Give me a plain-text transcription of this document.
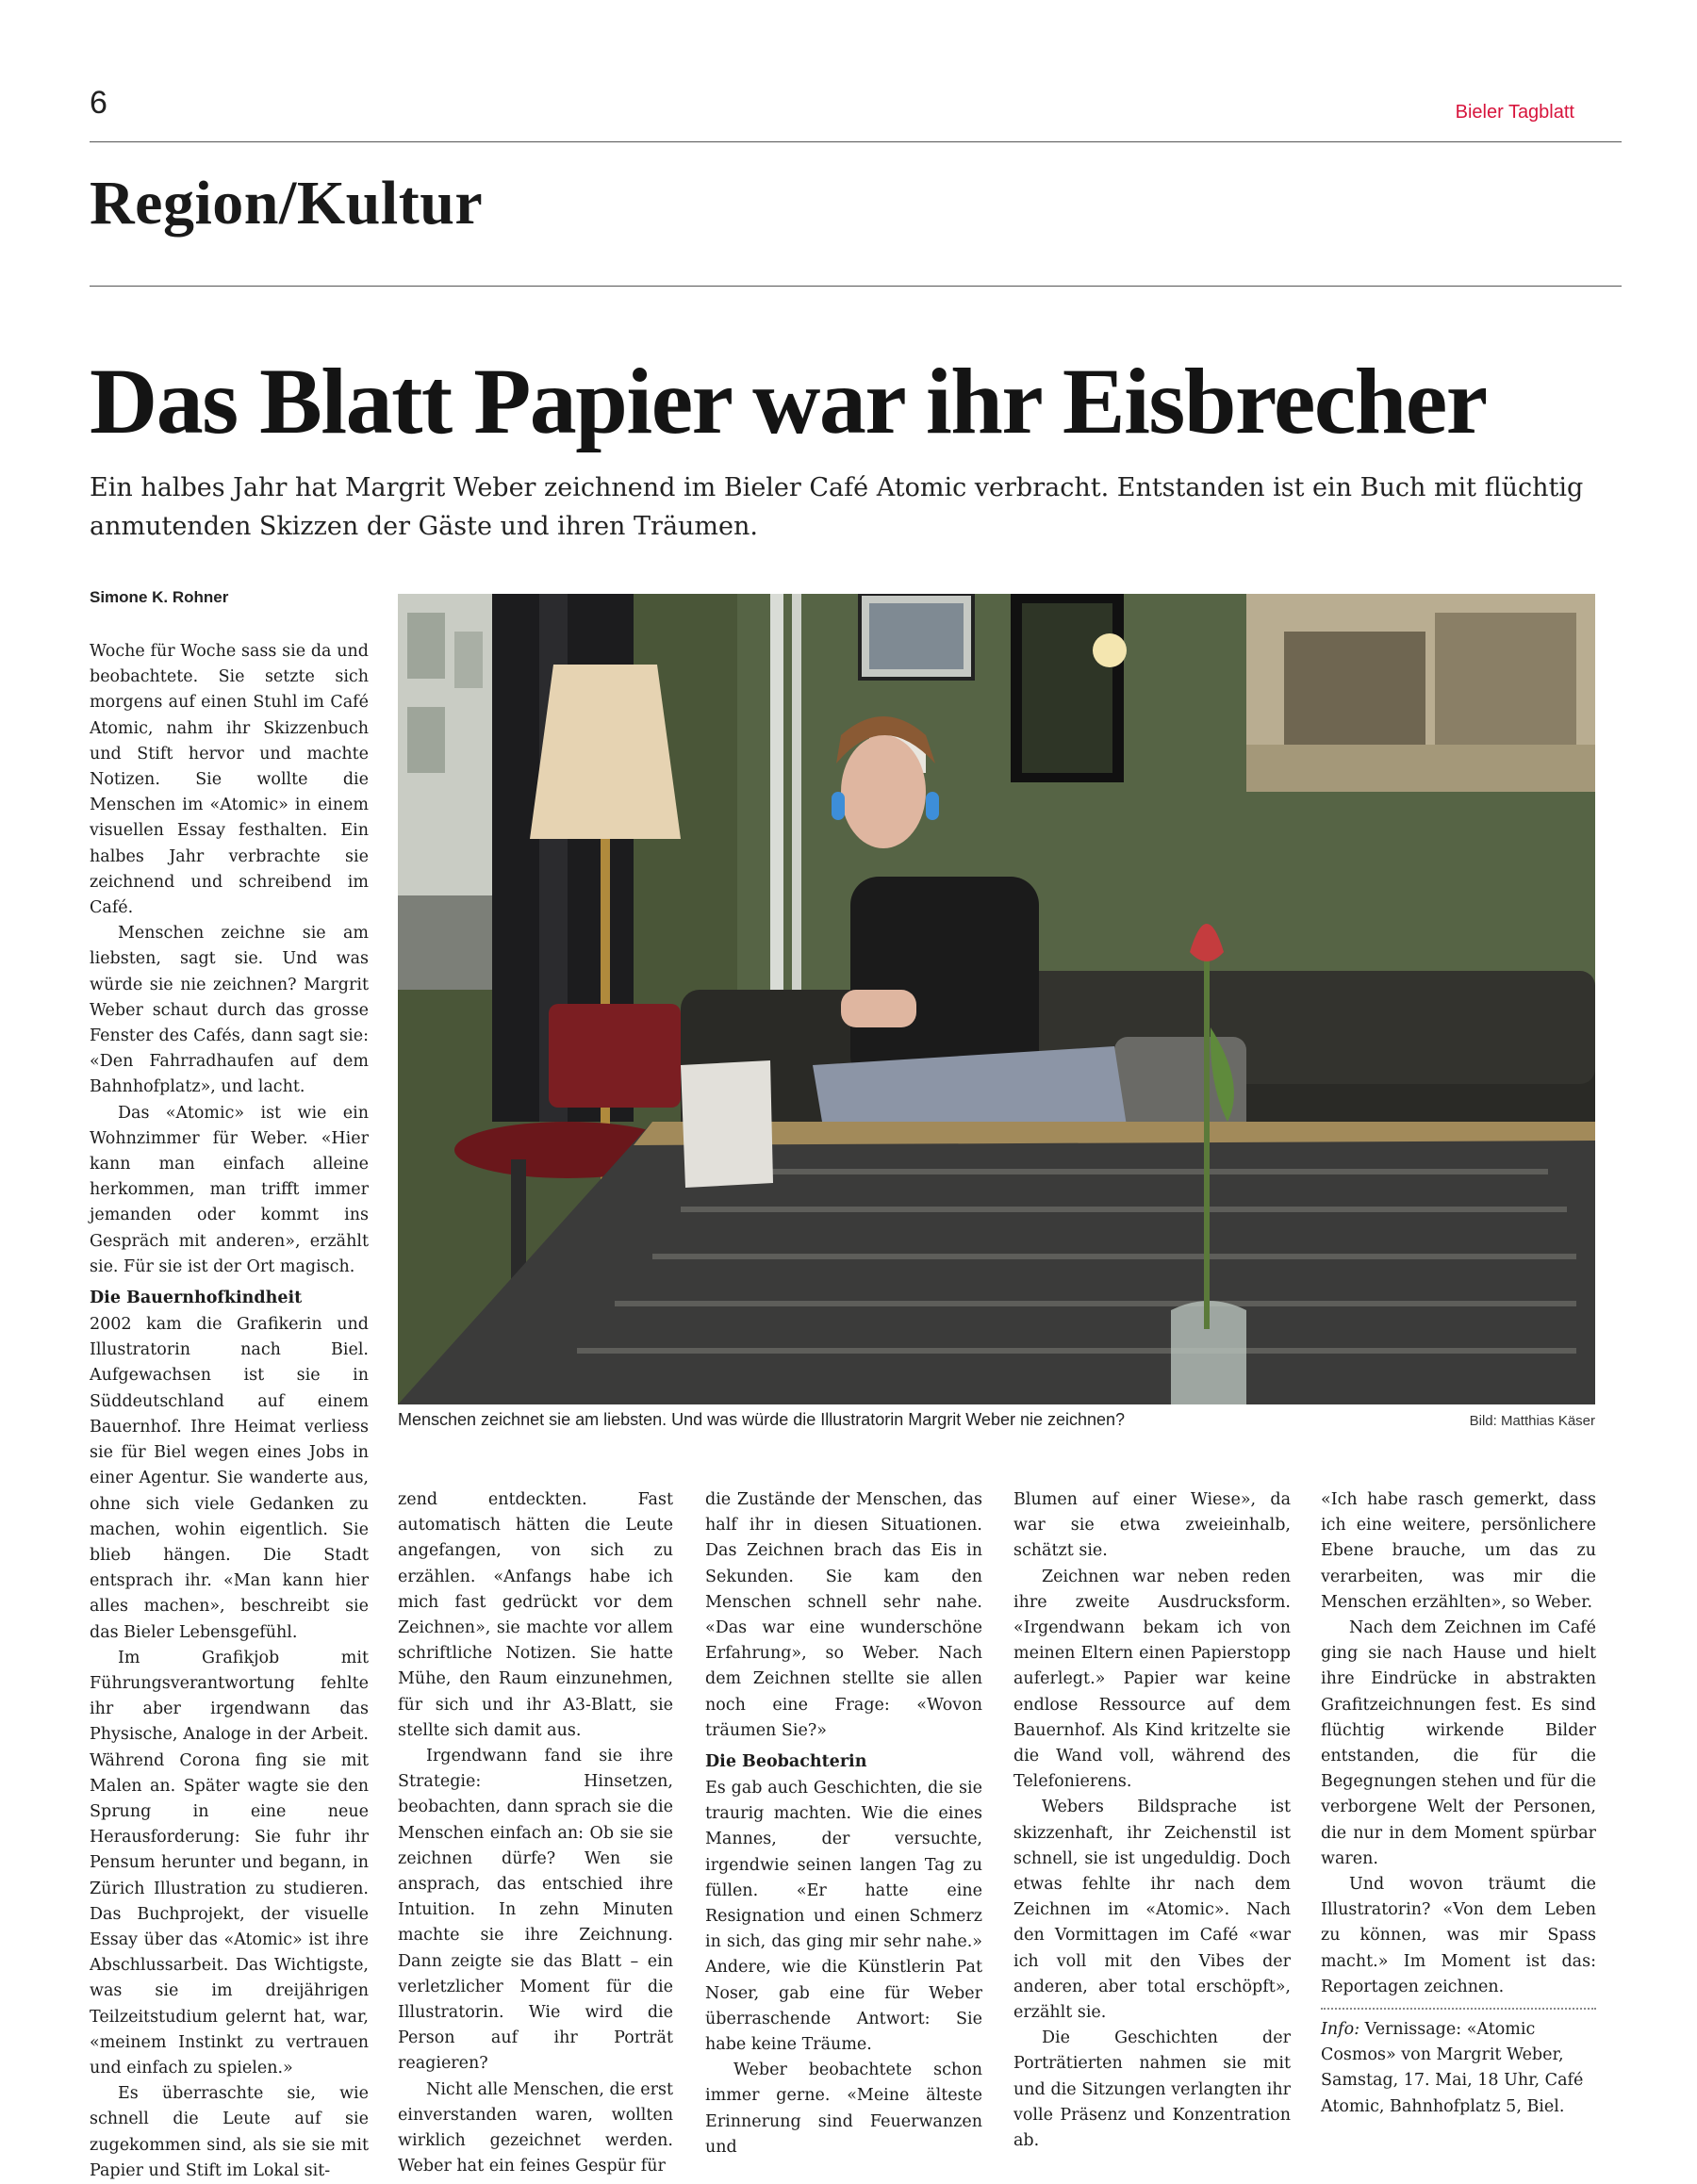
6	Bieler Tagblatt
Region/Kultur
Das Blatt Papier war ihr Eisbrecher
Ein halbes Jahr hat Margrit Weber zeichnend im Bieler Café Atomic verbracht. Entstanden ist ein Buch mit flüchtig anmutenden Skizzen der Gäste und ihren Träumen.
Simone K. Rohner
Menschen zeichnet sie am liebsten. Und was würde die Illustratorin Margrit Weber nie zeichnen?	Bild: Matthias Käser

Woche für Woche sass sie da und beobachtete. Sie setzte sich morgens auf einen Stuhl im Café Atomic, nahm ihr Skizzenbuch und Stift hervor und machte Notizen. Sie wollte die Menschen im «Atomic» in einem visuellen Essay festhalten. Ein halbes Jahr verbrachte sie zeichnend und schreibend im Café.

Menschen zeichne sie am liebsten, sagt sie. Und was würde sie nie zeichnen? Margrit Weber schaut durch das grosse Fenster des Cafés, dann sagt sie: «Den Fahrradhaufen auf dem Bahnhofplatz», und lacht.

Das «Atomic» ist wie ein Wohnzimmer für Weber. «Hier kann man einfach alleine herkommen, man trifft immer jemanden oder kommt ins Gespräch mit anderen», erzählt sie. Für sie ist der Ort magisch.

Die Bauernhofkindheit

2002 kam die Grafikerin und Illustratorin nach Biel. Aufgewachsen ist sie in Süddeutschland auf einem Bauernhof. Ihre Heimat verliess sie für Biel wegen eines Jobs in einer Agentur. Sie wanderte aus, ohne sich viele Gedanken zu machen, wohin eigentlich. Sie blieb hängen. Die Stadt entsprach ihr. «Man kann hier alles machen», beschreibt sie das Bieler Lebensgefühl.

Im Grafikjob mit Führungsverantwortung fehlte ihr aber irgendwann das Physische, Analoge in der Arbeit. Während Corona fing sie mit Malen an. Später wagte sie den Sprung in eine neue Herausforderung: Sie fuhr ihr Pensum herunter und begann, in Zürich Illustration zu studieren. Das Buchprojekt, der visuelle Essay über das «Atomic» ist ihre Abschlussarbeit. Das Wichtigste, was sie im dreijährigen Teilzeitstudium gelernt hat, war, «meinem Instinkt zu vertrauen und einfach zu spielen.»

Es überraschte sie, wie schnell die Leute auf sie zugekommen sind, als sie sie mit Papier und Stift im Lokal sit-

zend entdeckten. Fast automatisch hätten die Leute angefangen, von sich zu erzählen. «Anfangs habe ich mich fast gedrückt vor dem Zeichnen», sie machte vor allem schriftliche Notizen. Sie hatte Mühe, den Raum einzunehmen, für sich und ihr A3-Blatt, sie stellte sich damit aus.

Irgendwann fand sie ihre Strategie: Hinsetzen, beobachten, dann sprach sie die Menschen einfach an: Ob sie sie zeichnen dürfe? Wen sie ansprach, das entschied ihre Intuition. In zehn Minuten machte sie ihre Zeichnung. Dann zeigte sie das Blatt – ein verletzlicher Moment für die Illustratorin. Wie wird die Person auf ihr Porträt reagieren?

Nicht alle Menschen, die erst einverstanden waren, wollten wirklich gezeichnet werden. Weber hat ein feines Gespür für

die Zustände der Menschen, das half ihr in diesen Situationen. Das Zeichnen brach das Eis in Sekunden. Sie kam den Menschen schnell sehr nahe. «Das war eine wunderschöne Erfahrung», so Weber. Nach dem Zeichnen stellte sie allen noch eine Frage: «Wovon träumen Sie?»

Die Beobachterin

Es gab auch Geschichten, die sie traurig machten. Wie die eines Mannes, der versuchte, irgendwie seinen langen Tag zu füllen. «Er hatte eine Resignation und einen Schmerz in sich, das ging mir sehr nahe.» Andere, wie die Künstlerin Pat Noser, gab eine für Weber überraschende Antwort: Sie habe keine Träume.

Weber beobachtete schon immer gerne. «Meine älteste Erinnerung sind Feuerwanzen und

Blumen auf einer Wiese», da war sie etwa zweieinhalb, schätzt sie.

Zeichnen war neben reden ihre zweite Ausdrucksform. «Irgendwann bekam ich von meinen Eltern einen Papierstopp auferlegt.» Papier war keine endlose Ressource auf dem Bauernhof. Als Kind kritzelte sie die Wand voll, während des Telefonierens.

Webers Bildsprache ist skizzenhaft, ihr Zeichenstil ist schnell, sie ist ungeduldig. Doch etwas fehlte ihr nach dem Zeichnen im «Atomic». Nach den Vormittagen im Café «war ich voll mit den Vibes der anderen, aber total erschöpft», erzählt sie.

Die Geschichten der Porträtierten nahmen sie mit und die Sitzungen verlangten ihr volle Präsenz und Konzentration ab.

«Ich habe rasch gemerkt, dass ich eine weitere, persönlichere Ebene brauche, um das zu verarbeiten, was mir die Menschen erzählten», so Weber.

Nach dem Zeichnen im Café ging sie nach Hause und hielt ihre Eindrücke in abstrakten Grafitzeichnungen fest. Es sind flüchtig wirkende Bilder entstanden, die für die Begegnungen stehen und für die verborgene Welt der Personen, die nur in dem Moment spürbar waren.

Und wovon träumt die Illustratorin? «Von dem Leben zu können, was mir Spass macht.» Im Moment ist das: Reportagen zeichnen.

Info: Vernissage: «Atomic Cosmos» von Margrit Weber, Samstag, 17. Mai, 18 Uhr, Café Atomic, Bahnhofplatz 5, Biel.
